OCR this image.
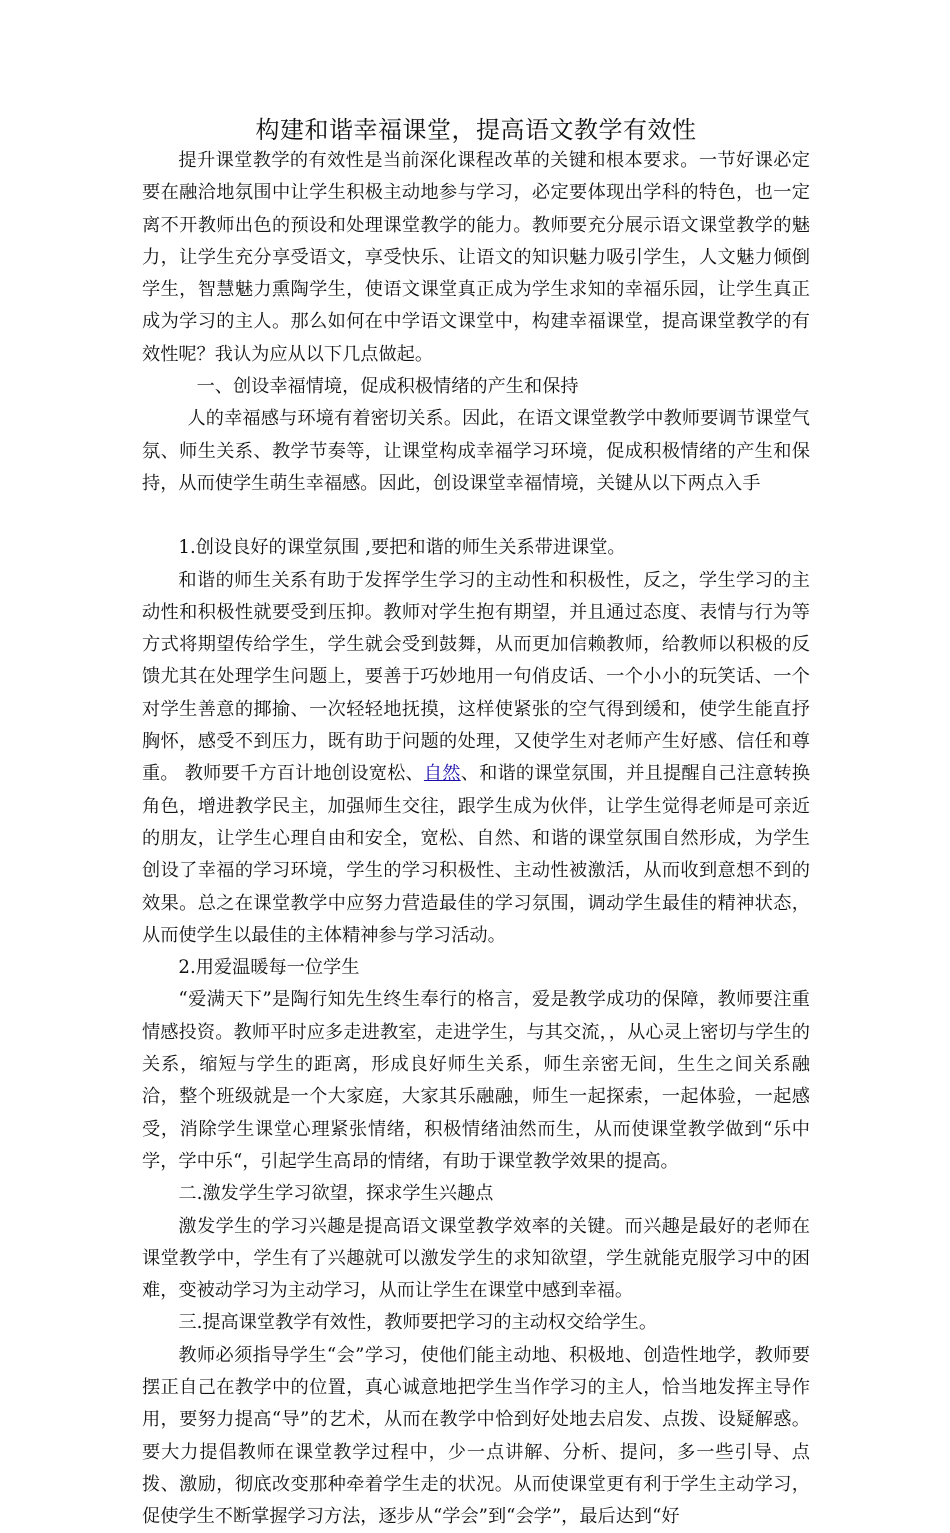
构建和谐幸福课堂，提高语文教学有效性

提升课堂教学的有效性是当前深化课程改革的关键和根本要求。一节好课必定要在融洽地氛围中让学生积极主动地参与学习，必定要体现出学科的特色，也一定离不开教师出色的预设和处理课堂教学的能力。教师要充分展示语文课堂教学的魅力，让学生充分享受语文，享受快乐、让语文的知识魅力吸引学生，人文魅力倾倒学生，智慧魅力熏陶学生，使语文课堂真正成为学生求知的幸福乐园，让学生真正成为学习的主人。那么如何在中学语文课堂中，构建幸福课堂，提高课堂教学的有效性呢？我认为应从以下几点做起。

一、创设幸福情境，促成积极情绪的产生和保持

人的幸福感与环境有着密切关系。因此，在语文课堂教学中教师要调节课堂气氛、师生关系、教学节奏等，让课堂构成幸福学习环境，促成积极情绪的产生和保持，从而使学生萌生幸福感。因此，创设课堂幸福情境，关键从以下两点入手

1.创设良好的课堂氛围 ,要把和谐的师生关系带进课堂。

和谐的师生关系有助于发挥学生学习的主动性和积极性，反之，学生学习的主动性和积极性就要受到压抑。教师对学生抱有期望，并且通过态度、表情与行为等方式将期望传给学生，学生就会受到鼓舞，从而更加信赖教师，给教师以积极的反馈尤其在处理学生问题上，要善于巧妙地用一句俏皮话、一个小小的玩笑话、一个对学生善意的揶揄、一次轻轻地抚摸，这样使紧张的空气得到缓和，使学生能直抒胸怀，感受不到压力，既有助于问题的处理，又使学生对老师产生好感、信任和尊重。 教师要千方百计地创设宽松、自然、和谐的课堂氛围，并且提醒自己注意转换角色，增进教学民主，加强师生交往，跟学生成为伙伴，让学生觉得老师是可亲近的朋友，让学生心理自由和安全，宽松、自然、和谐的课堂氛围自然形成，为学生创设了幸福的学习环境，学生的学习积极性、主动性被激活，从而收到意想不到的效果。总之在课堂教学中应努力营造最佳的学习氛围，调动学生最佳的精神状态，从而使学生以最佳的主体精神参与学习活动。

2.用爱温暖每一位学生

“爱满天下”是陶行知先生终生奉行的格言，爱是教学成功的保障，教师要注重情感投资。教师平时应多走进教室，走进学生，与其交流，，从心灵上密切与学生的关系，缩短与学生的距离，形成良好师生关系，师生亲密无间，生生之间关系融洽，整个班级就是一个大家庭，大家其乐融融，师生一起探索，一起体验，一起感受，消除学生课堂心理紧张情绪，积极情绪油然而生，从而使课堂教学做到“乐中学，学中乐“，引起学生高昂的情绪，有助于课堂教学效果的提高。

二.激发学生学习欲望，探求学生兴趣点

激发学生的学习兴趣是提高语文课堂教学效率的关键。而兴趣是最好的老师在课堂教学中，学生有了兴趣就可以激发学生的求知欲望，学生就能克服学习中的困难，变被动学习为主动学习，从而让学生在课堂中感到幸福。

三.提高课堂教学有效性，教师要把学习的主动权交给学生。

教师必须指导学生“会”学习，使他们能主动地、积极地、创造性地学，教师要摆正自己在教学中的位置，真心诚意地把学生当作学习的主人，恰当地发挥主导作用，要努力提高“导”的艺术，从而在教学中恰到好处地去启发、点拨、设疑解惑。要大力提倡教师在课堂教学过程中，少一点讲解、分析、提问，多一些引导、点拨、激励，彻底改变那种牵着学生走的状况。从而使课堂更有利于学生主动学习，促使学生不断掌握学习方法，逐步从“学会”到“会学”，最后达到“好
